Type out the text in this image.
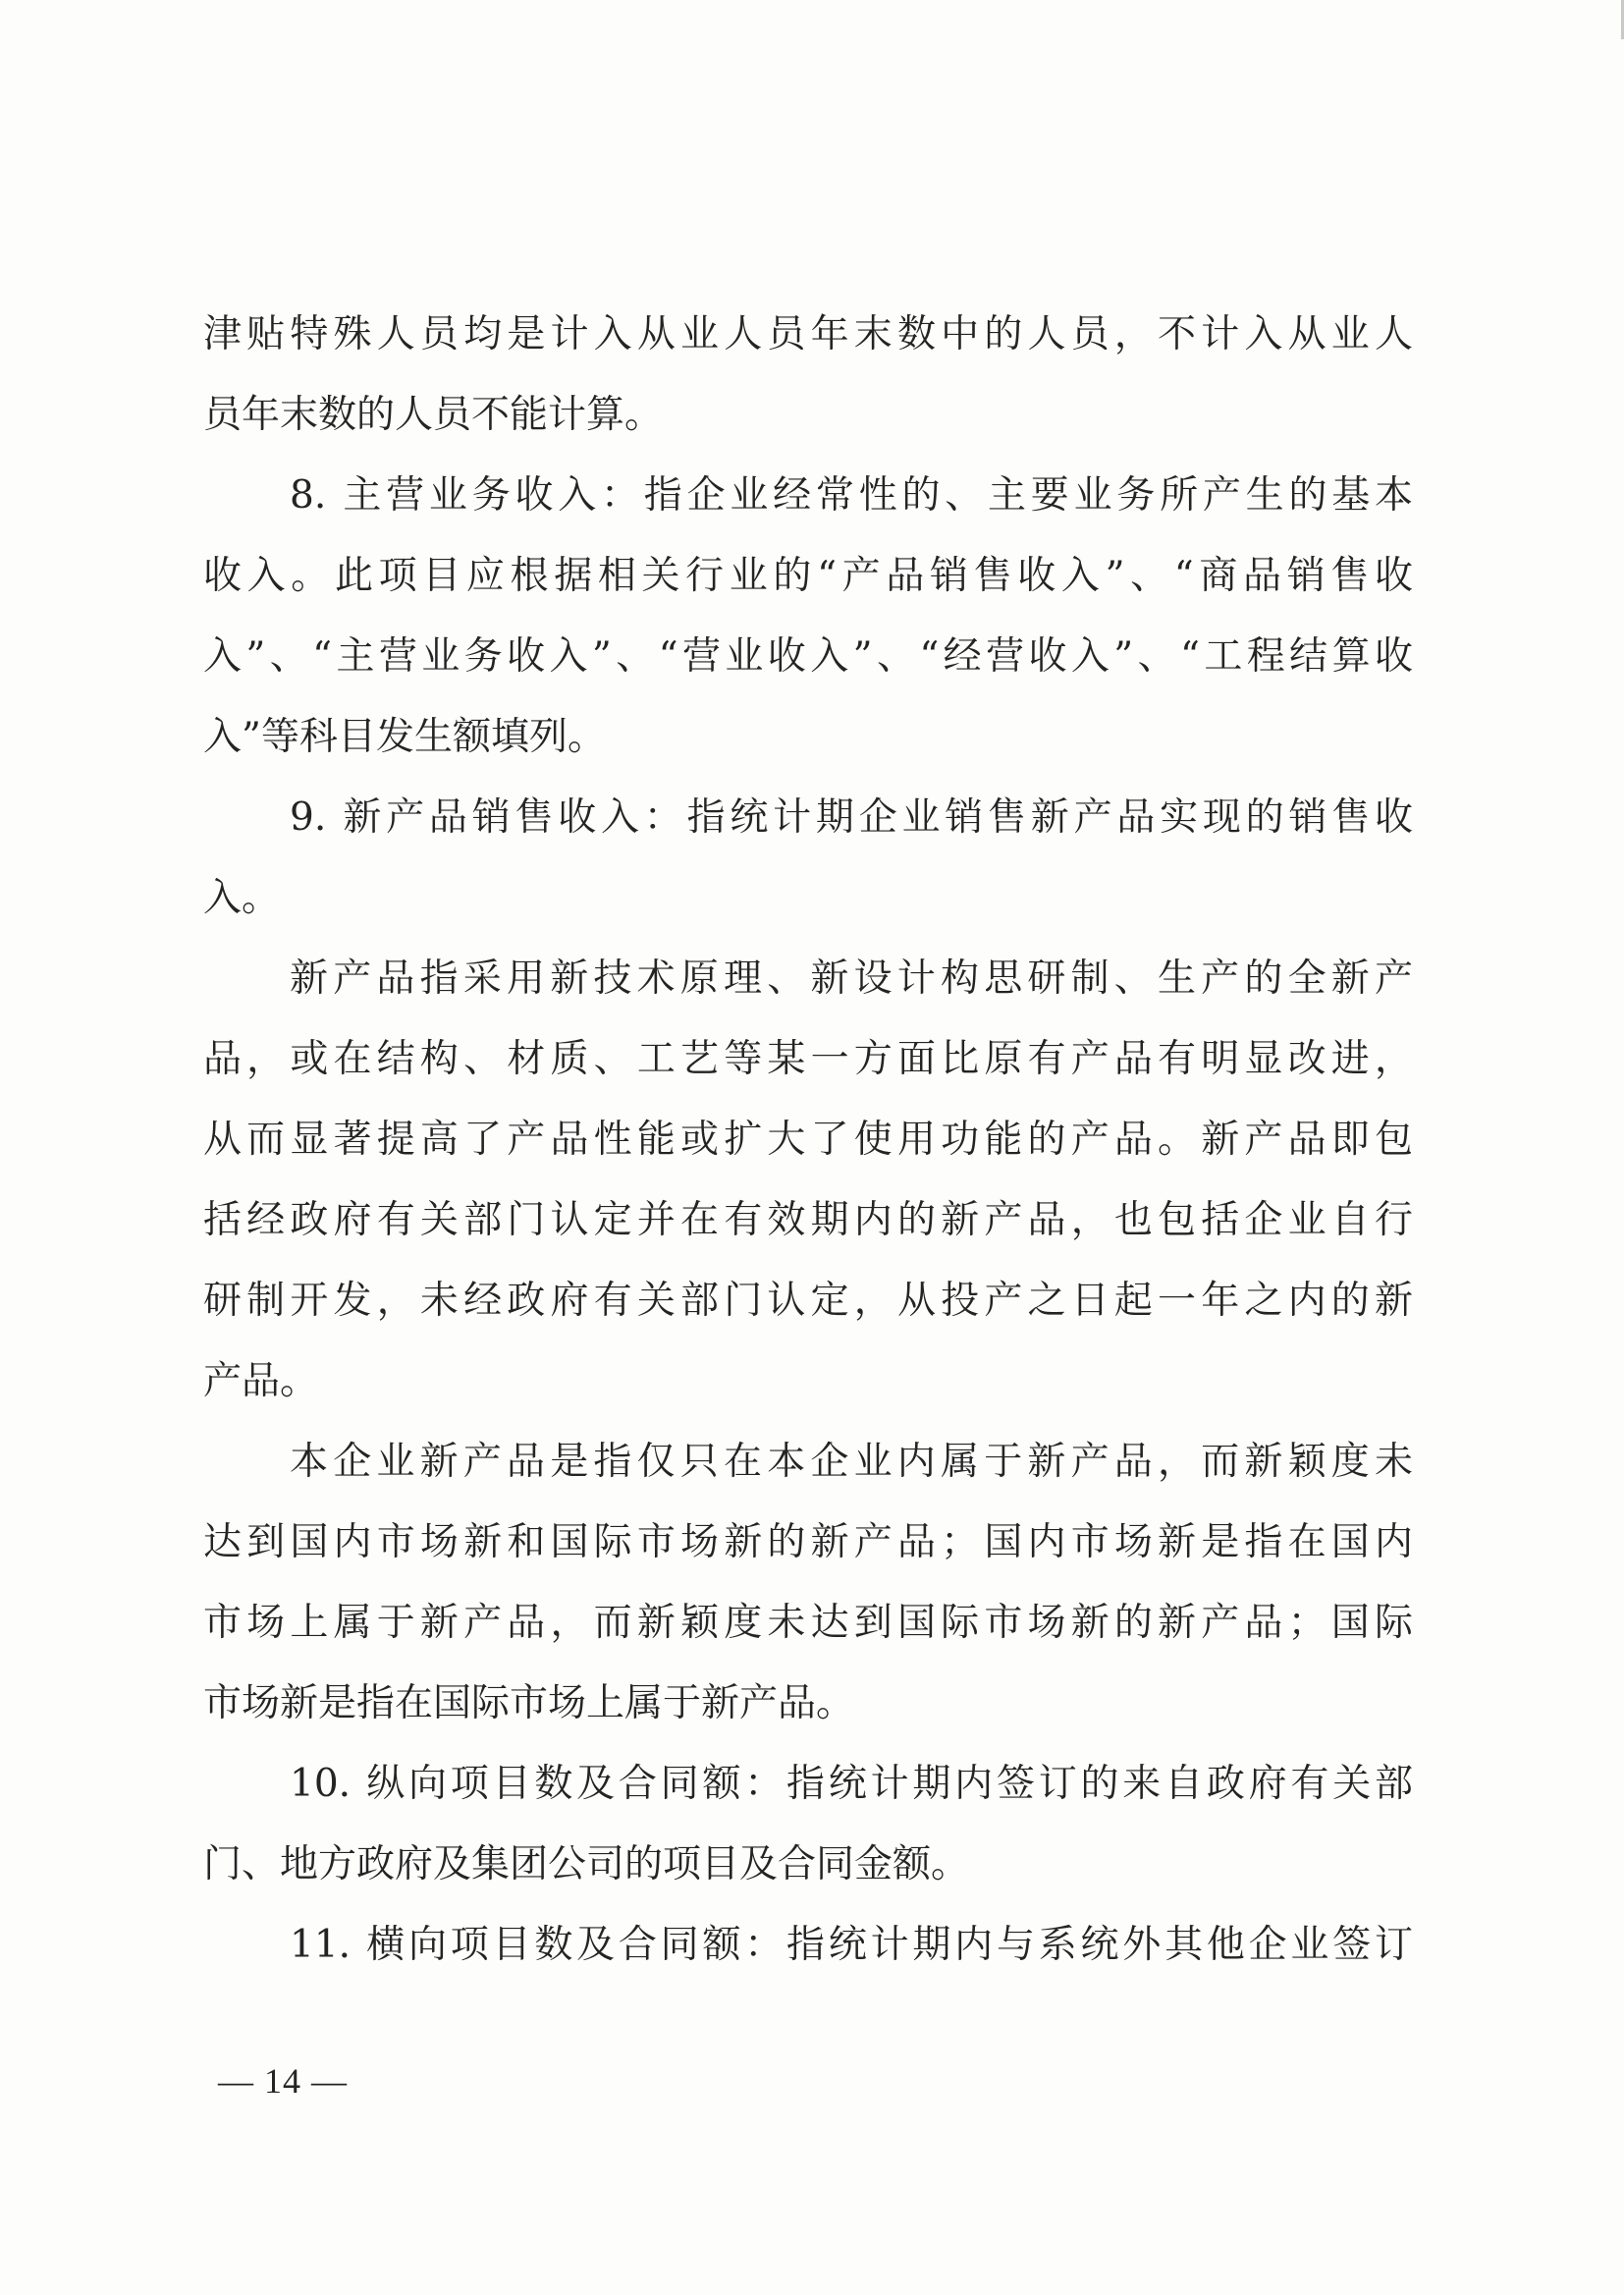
津贴特殊人员均是计入从业人员年末数中的人员，不计入从业人
员年末数的人员不能计算。
8. 主营业务收入：指企业经常性的、主要业务所产生的基本
收入。此项目应根据相关行业的“产品销售收入”、“商品销售收
入”、“主营业务收入”、“营业收入”、“经营收入”、“工程结算收
入”等科目发生额填列。
9. 新产品销售收入：指统计期企业销售新产品实现的销售收
入。
新产品指采用新技术原理、新设计构思研制、生产的全新产
品，或在结构、材质、工艺等某一方面比原有产品有明显改进，
从而显著提高了产品性能或扩大了使用功能的产品。新产品即包
括经政府有关部门认定并在有效期内的新产品，也包括企业自行
研制开发，未经政府有关部门认定，从投产之日起一年之内的新
产品。
本企业新产品是指仅只在本企业内属于新产品，而新颖度未
达到国内市场新和国际市场新的新产品；国内市场新是指在国内
市场上属于新产品，而新颖度未达到国际市场新的新产品；国际
市场新是指在国际市场上属于新产品。
10. 纵向项目数及合同额：指统计期内签订的来自政府有关部
门、地方政府及集团公司的项目及合同金额。
11. 横向项目数及合同额：指统计期内与系统外其他企业签订
— 14 —
